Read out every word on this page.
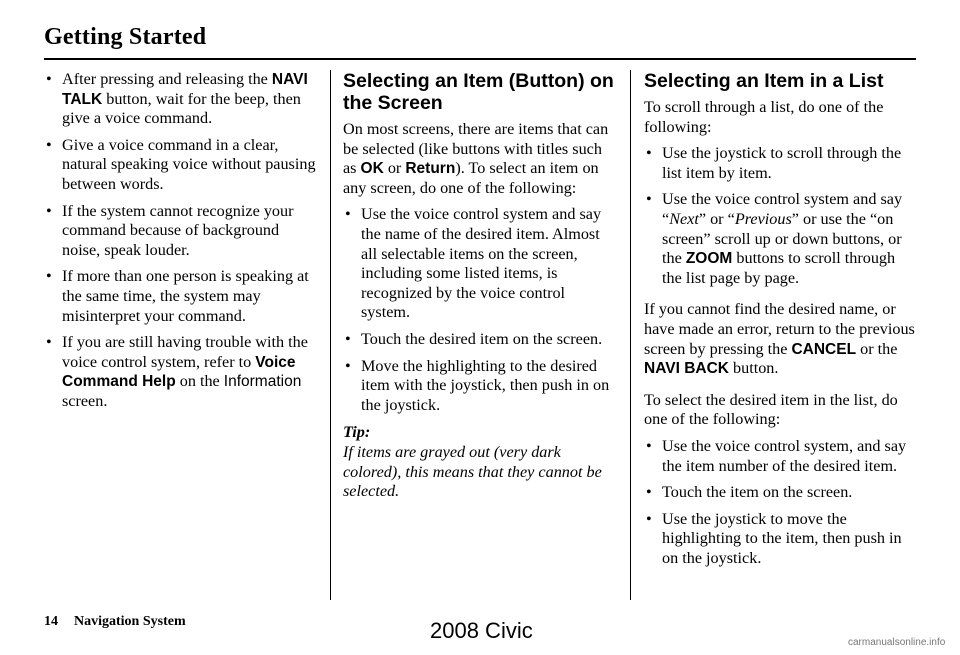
Getting Started
• After pressing and releasing the NAVI TALK button, wait for the beep, then give a voice command.
• Give a voice command in a clear, natural speaking voice without pausing between words.
• If the system cannot recognize your command because of background noise, speak louder.
• If more than one person is speaking at the same time, the system may misinterpret your command.
• If you are still having trouble with the voice control system, refer to Voice Command Help on the Information screen.
Selecting an Item (Button) on the Screen

On most screens, there are items that can be selected (like buttons with titles such as OK or Return). To select an item on any screen, do one of the following:

• Use the voice control system and say the name of the desired item. Almost all selectable items on the screen, including some listed items, is recognized by the voice control system.
• Touch the desired item on the screen.
• Move the highlighting to the desired item with the joystick, then push in on the joystick.
Tip:
If items are grayed out (very dark colored), this means that they cannot be selected.
Selecting an Item in a List

To scroll through a list, do one of the following:

• Use the joystick to scroll through the list item by item.
• Use the voice control system and say “Next” or “Previous” or use the “on screen” scroll up or down buttons, or the ZOOM buttons to scroll through the list page by page.

If you cannot find the desired name, or have made an error, return to the previous screen by pressing the CANCEL or the NAVI BACK button.

To select the desired item in the list, do one of the following:

• Use the voice control system, and say the item number of the desired item.
• Touch the item on the screen.
• Use the joystick to move the highlighting to the item, then push in on the joystick.
14 Navigation System	2008 Civic	carmanualsonline.info
